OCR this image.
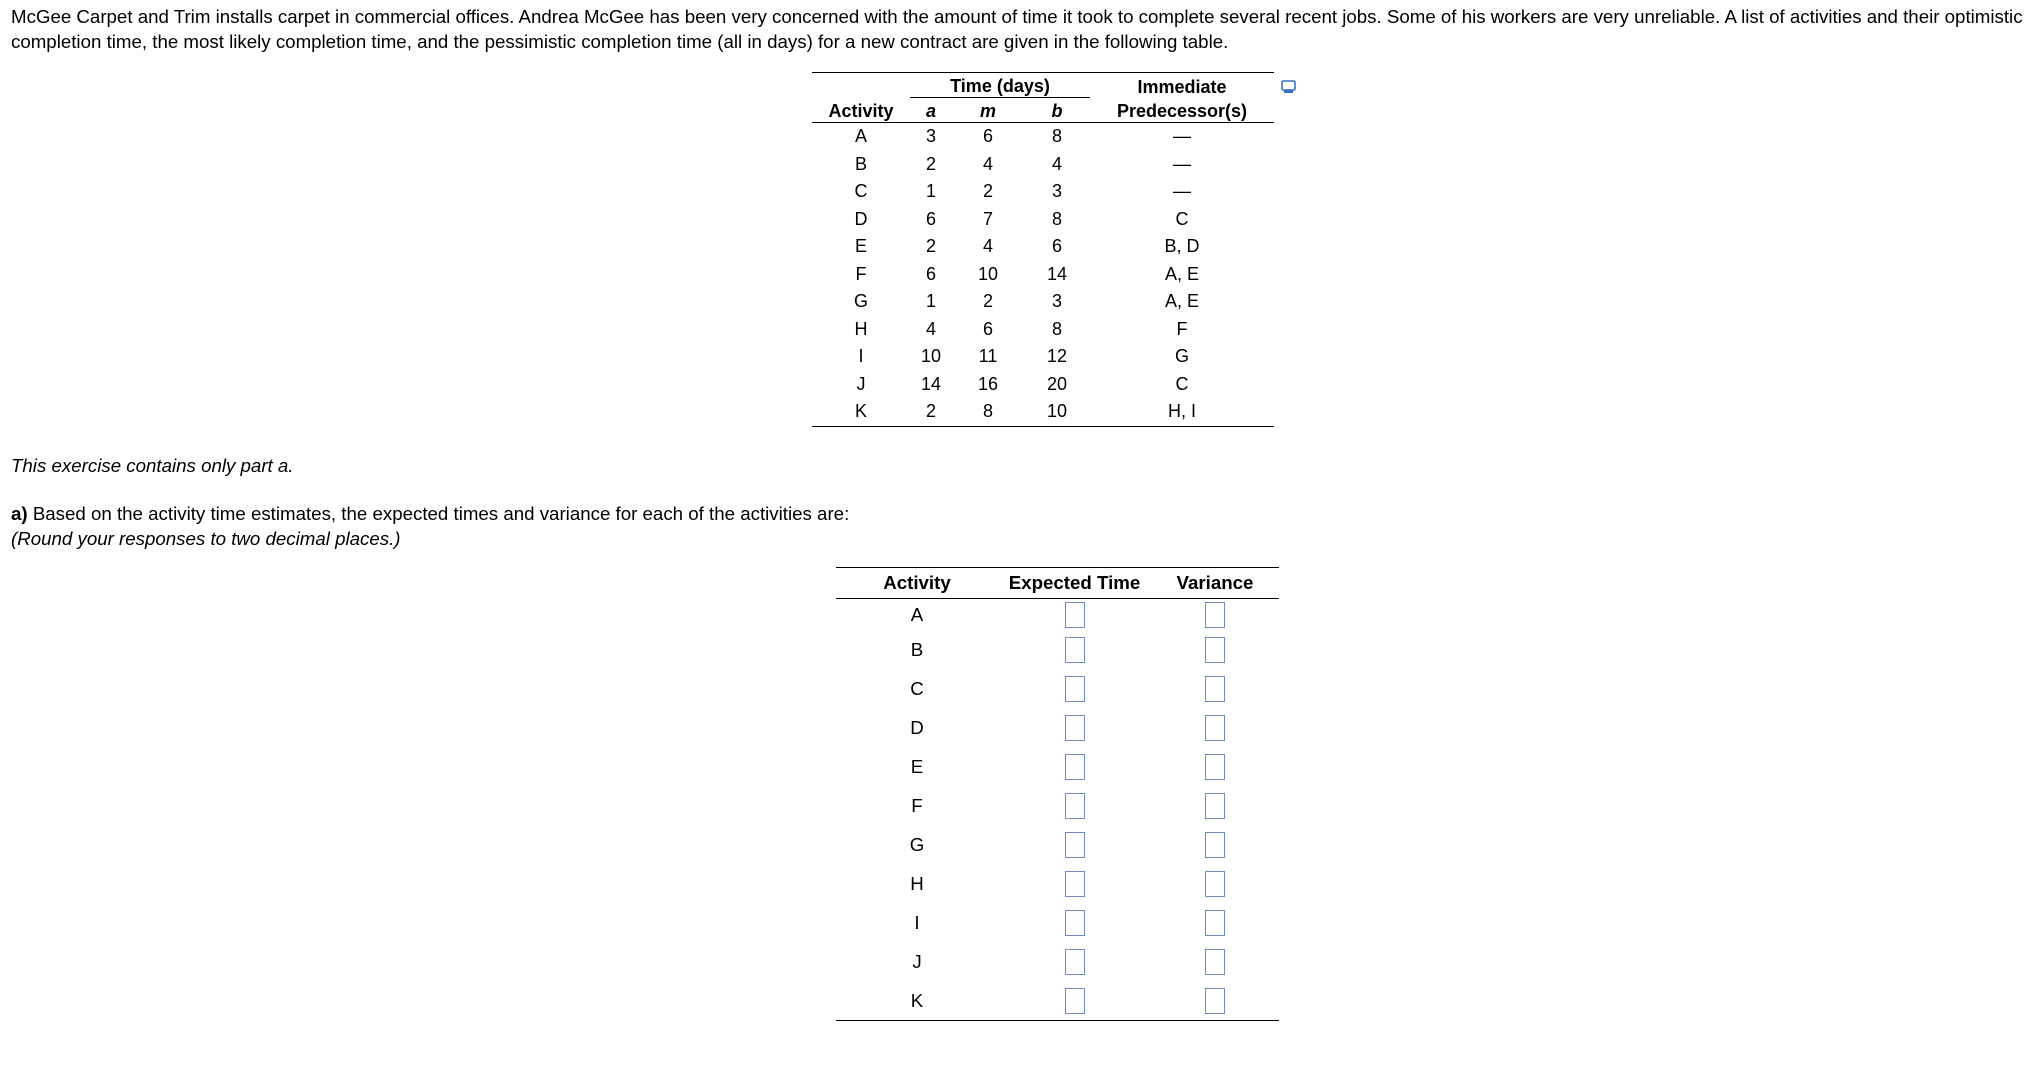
McGee Carpet and Trim installs carpet in commercial offices. Andrea McGee has been very concerned with the amount of time it took to complete several recent jobs. Some of his workers are very unreliable. A list of activities and their optimistic completion time, the most likely completion time, and the pessimistic completion time (all in days) for a new contract are given in the following table.

Activity	Time (days)			Immediate
	a	m	b	Predecessor(s)
A	3	6	8	—
B	2	4	4	—
C	1	2	3	—
D	6	7	8	C
E	2	4	6	B, D
F	6	10	14	A, E
G	1	2	3	A, E
H	4	6	8	F
I	10	11	12	G
J	14	16	20	C
K	2	8	10	H, I

This exercise contains only part a.

a) Based on the activity time estimates, the expected times and variance for each of the activities are:
(Round your responses to two decimal places.)

Activity	Expected Time	Variance
A		
B		
C		
D		
E		
F		
G		
H		
I		
J		
K		
